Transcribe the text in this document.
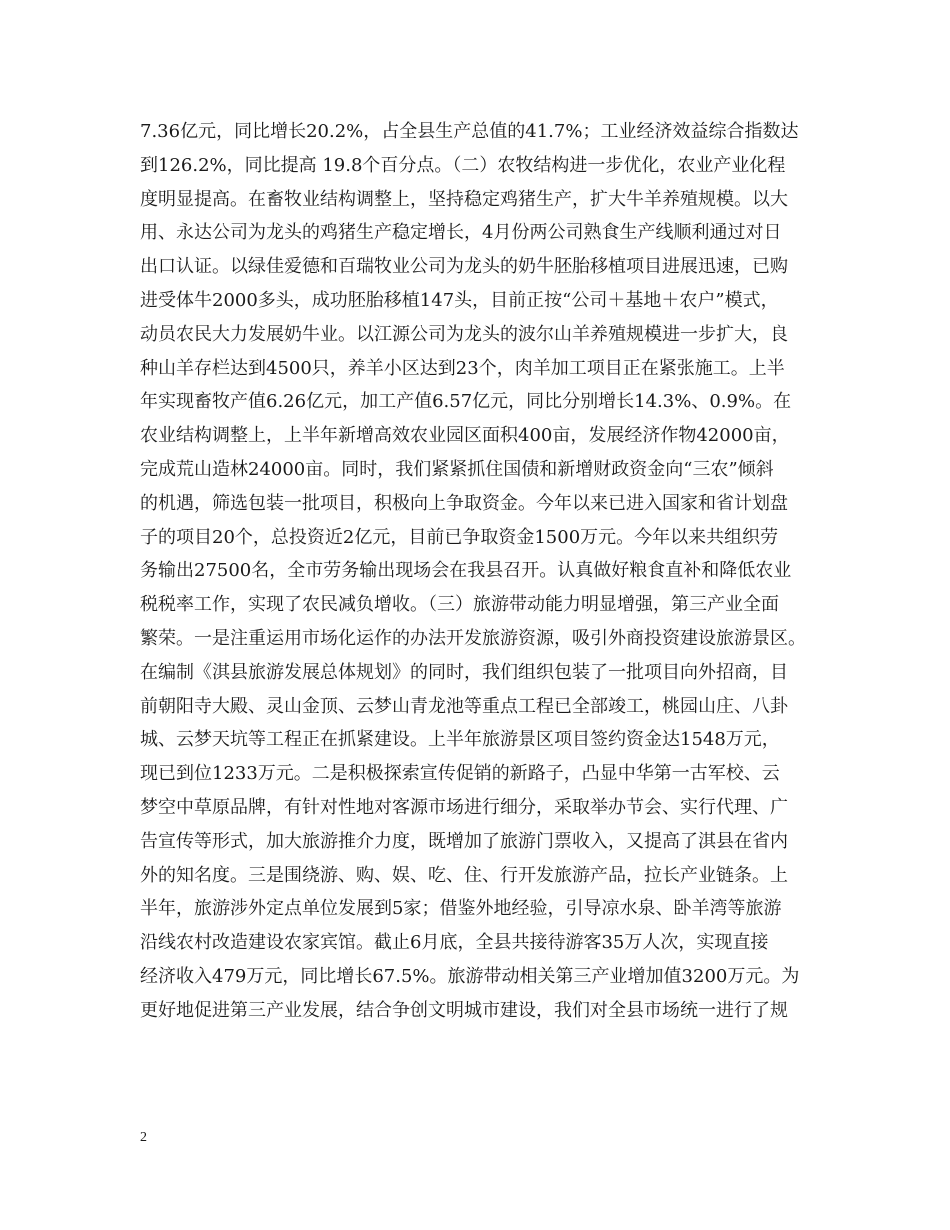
7.36亿元，同比增长20.2%，占全县生产总值的41.7%；工业经济效益综合指数达
到126.2%，同比提高 19.8个百分点。（二）农牧结构进一步优化，农业产业化程
度明显提高。在畜牧业结构调整上，坚持稳定鸡猪生产，扩大牛羊养殖规模。以大
用、永达公司为龙头的鸡猪生产稳定增长，4月份两公司熟食生产线顺利通过对日
出口认证。以绿佳爱德和百瑞牧业公司为龙头的奶牛胚胎移植项目进展迅速，已购
进受体牛2000多头，成功胚胎移植147头，目前正按“公司＋基地＋农户”模式，
动员农民大力发展奶牛业。以江源公司为龙头的波尔山羊养殖规模进一步扩大，良
种山羊存栏达到4500只，养羊小区达到23个，肉羊加工项目正在紧张施工。上半
年实现畜牧产值6.26亿元，加工产值6.57亿元，同比分别增长14.3%、0.9%。在
农业结构调整上，上半年新增高效农业园区面积400亩，发展经济作物42000亩，
完成荒山造林24000亩。同时，我们紧紧抓住国债和新增财政资金向“三农”倾斜
的机遇，筛选包装一批项目，积极向上争取资金。今年以来已进入国家和省计划盘
子的项目20个，总投资近2亿元，目前已争取资金1500万元。今年以来共组织劳
务输出27500名，全市劳务输出现场会在我县召开。认真做好粮食直补和降低农业
税税率工作，实现了农民减负增收。（三）旅游带动能力明显增强，第三产业全面
繁荣。一是注重运用市场化运作的办法开发旅游资源，吸引外商投资建设旅游景区。
在编制《淇县旅游发展总体规划》的同时，我们组织包装了一批项目向外招商，目
前朝阳寺大殿、灵山金顶、云梦山青龙池等重点工程已全部竣工，桃园山庄、八卦
城、云梦天坑等工程正在抓紧建设。上半年旅游景区项目签约资金达1548万元，
现已到位1233万元。二是积极探索宣传促销的新路子，凸显中华第一古军校、云
梦空中草原品牌，有针对性地对客源市场进行细分，采取举办节会、实行代理、广
告宣传等形式，加大旅游推介力度，既增加了旅游门票收入，又提高了淇县在省内
外的知名度。三是围绕游、购、娱、吃、住、行开发旅游产品，拉长产业链条。上
半年，旅游涉外定点单位发展到5家；借鉴外地经验，引导凉水泉、卧羊湾等旅游
沿线农村改造建设农家宾馆。截止6月底，全县共接待游客35万人次，实现直接
经济收入479万元，同比增长67.5%。旅游带动相关第三产业增加值3200万元。为
更好地促进第三产业发展，结合争创文明城市建设，我们对全县市场统一进行了规
2
